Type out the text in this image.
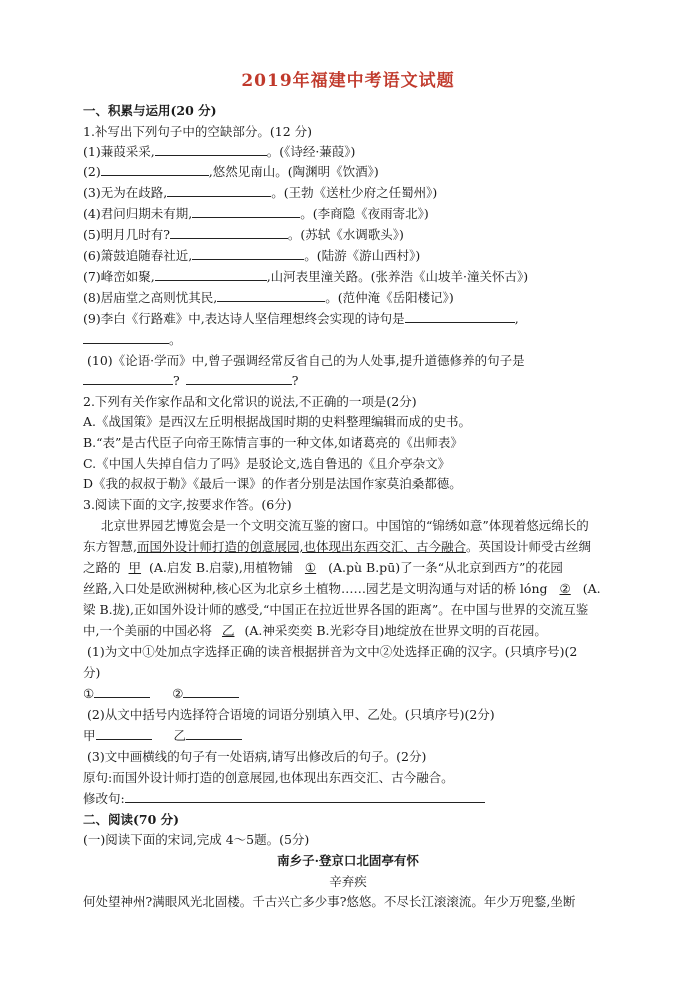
2019年福建中考语文试题
一、积累与运用(20 分)
1.补写出下列句子中的空缺部分。(12 分)
(1)蒹葭采采,	。(《诗经·蒹葭》)
(2)	,悠然见南山。(陶渊明《饮酒》)
(3)无为在歧路,	。(王勃《送杜少府之任蜀州》)
(4)君问归期未有期,	。(李商隐《夜雨寄北》)
(5)明月几时有?	。(苏轼《水调歌头》)
(6)箫鼓追随春社近,	。(陆游《游山西村》)
(7)峰峦如聚,	,山河表里潼关路。(张养浩《山坡羊·潼关怀古》)
(8)居庙堂之高则忧其民,	。(范仲淹《岳阳楼记》)
(9)李白《行路难》中,表达诗人坚信理想终会实现的诗句是	,
。
(10)《论语·学而》中,曾子强调经常反省自己的为人处事,提升道德修养的句子是
?	?
2.下列有关作家作品和文化常识的说法,不正确的一项是(2分)
A.《战国策》是西汉左丘明根据战国时期的史料整理编辑而成的史书。
B.“表”是古代臣子向帝王陈情言事的一种文体,如诸葛亮的《出师表》
C.《中国人失掉自信力了吗》是驳论文,选自鲁迅的《且介亭杂文》
D《我的叔叔于勒》《最后一课》的作者分别是法国作家莫泊桑都德。
3.阅读下面的文字,按要求作答。(6分)
北京世界园艺博览会是一个文明交流互鉴的窗口。中国馆的“锦绣如意”体现着悠远绵长的
东方智慧,而国外设计师打造的创意展园,也体现出东西交汇、古今融合。英国设计师受古丝绸
之路的 甲 (A.启发 B.启蒙),用植物铺 ① (A.pù B.pū)了一条“从北京到西方”的花园
丝路,入口处是欧洲树种,核心区为北京乡土植物……园艺是文明沟通与对话的桥 lóng ② (A.
梁 B.拢),正如国外设计师的感受,“中国正在拉近世界各国的距离”。在中国与世界的交流互鉴
中,一个美丽的中国必将 乙 (A.神采奕奕 B.光彩夺目)地绽放在世界文明的百花园。
(1)为文中①处加点字选择正确的读音根据拼音为文中②处选择正确的汉字。(只填序号)(2
分)
①	②
(2)从文中括号内选择符合语境的词语分别填入甲、乙处。(只填序号)(2分)
甲	乙
(3)文中画横线的句子有一处语病,请写出修改后的句子。(2分)
原句:而国外设计师打造的创意展园,也体现出东西交汇、古今融合。
修改句:
二、阅读(70 分)
(一)阅读下面的宋词,完成 4～5题。(5分)
南乡子·登京口北固亭有怀
辛弃疾
何处望神州?满眼风光北固楼。千古兴亡多少事?悠悠。不尽长江滚滚流。年少万兜鍪,坐断
